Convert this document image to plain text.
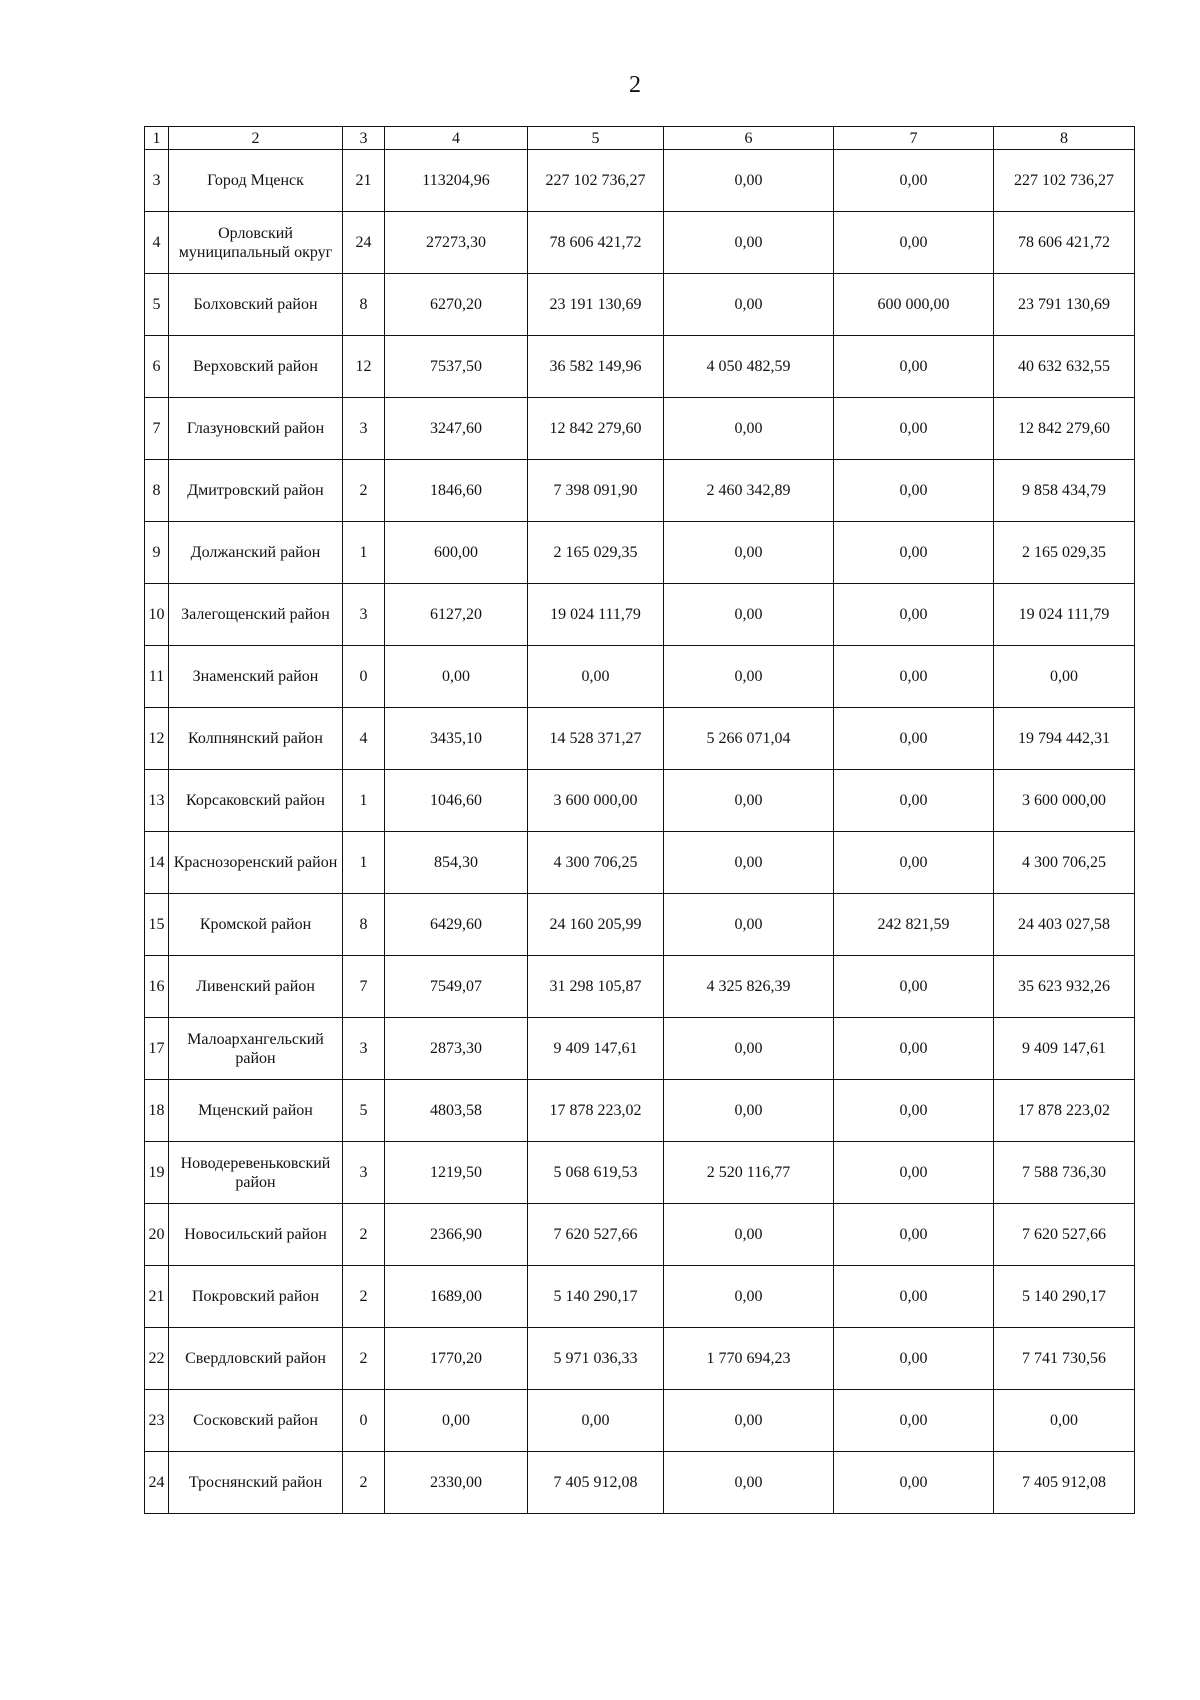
2
1	2	3	4	5	6	7	8
3	Город Мценск	21	113204,96	227 102 736,27	0,00	0,00	227 102 736,27
4	Орловский муниципальный округ	24	27273,30	78 606 421,72	0,00	0,00	78 606 421,72
5	Болховский район	8	6270,20	23 191 130,69	0,00	600 000,00	23 791 130,69
6	Верховский район	12	7537,50	36 582 149,96	4 050 482,59	0,00	40 632 632,55
7	Глазуновский район	3	3247,60	12 842 279,60	0,00	0,00	12 842 279,60
8	Дмитровский район	2	1846,60	7 398 091,90	2 460 342,89	0,00	9 858 434,79
9	Должанский район	1	600,00	2 165 029,35	0,00	0,00	2 165 029,35
10	Залегощенский район	3	6127,20	19 024 111,79	0,00	0,00	19 024 111,79
11	Знаменский район	0	0,00	0,00	0,00	0,00	0,00
12	Колпнянский район	4	3435,10	14 528 371,27	5 266 071,04	0,00	19 794 442,31
13	Корсаковский район	1	1046,60	3 600 000,00	0,00	0,00	3 600 000,00
14	Краснозоренский район	1	854,30	4 300 706,25	0,00	0,00	4 300 706,25
15	Кромской район	8	6429,60	24 160 205,99	0,00	242 821,59	24 403 027,58
16	Ливенский район	7	7549,07	31 298 105,87	4 325 826,39	0,00	35 623 932,26
17	Малоархангельский район	3	2873,30	9 409 147,61	0,00	0,00	9 409 147,61
18	Мценский район	5	4803,58	17 878 223,02	0,00	0,00	17 878 223,02
19	Новодеревеньковский район	3	1219,50	5 068 619,53	2 520 116,77	0,00	7 588 736,30
20	Новосильский район	2	2366,90	7 620 527,66	0,00	0,00	7 620 527,66
21	Покровский район	2	1689,00	5 140 290,17	0,00	0,00	5 140 290,17
22	Свердловский район	2	1770,20	5 971 036,33	1 770 694,23	0,00	7 741 730,56
23	Сосковский район	0	0,00	0,00	0,00	0,00	0,00
24	Троснянский район	2	2330,00	7 405 912,08	0,00	0,00	7 405 912,08
